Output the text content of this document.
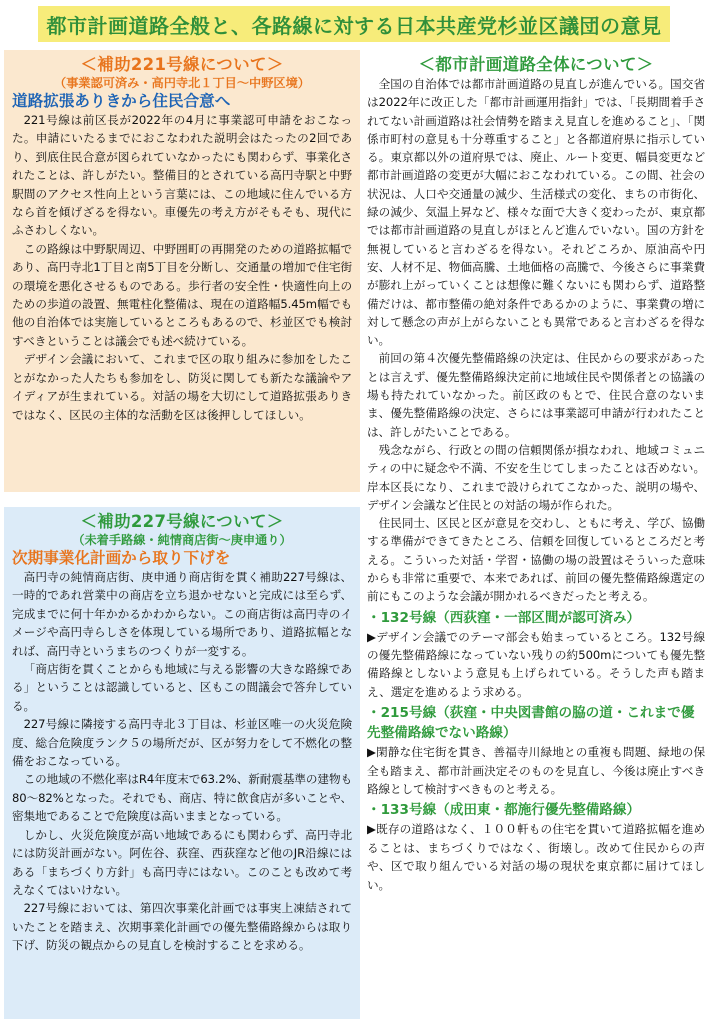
都市計画道路全般と、各路線に対する日本共産党杉並区議団の意見
＜補助221号線について＞
（事業認可済み・高円寺北１丁目〜中野区境）
道路拡張ありきから住民合意へ

221号線は前区長が2022年の4月に事業認可申請をおこなった。申請にいたるまでにおこなわれた説明会はたったの2回であり、到底住民合意が図られていなかったにも関わらず、事業化されたことは、許しがたい。整備目的とされている高円寺駅と中野駅間のアクセス性向上という言葉には、この地域に住んでいる方なら首を傾げざるを得ない。車優先の考え方がそもそも、現代にふさわしくない。

この路線は中野駅周辺、中野囲町の再開発のための道路拡幅であり、高円寺北1丁目と南5丁目を分断し、交通量の増加で住宅街の環境を悪化させるものである。歩行者の安全性・快適性向上のための歩道の設置、無電柱化整備は、現在の道路幅5.45m幅でも他の自治体では実施しているところもあるので、杉並区でも検討すべきということは議会でも述べ続けている。

デザイン会議において、これまで区の取り組みに参加をしたことがなかった人たちも参加をし、防災に関しても新たな議論やアイディアが生まれている。対話の場を大切にして道路拡張ありきではなく、区民の主体的な活動を区は後押ししてほしい。

＜補助227号線について＞
（未着手路線・純情商店街〜庚申通り）
次期事業化計画から取り下げを

高円寺の純情商店街、庚申通り商店街を貫く補助227号線は、一時的であれ営業中の商店を立ち退かせないと完成には至らず、完成までに何十年かかるかわからない。この商店街は高円寺のイメージや高円寺らしさを体現している場所であり、道路拡幅となれば、高円寺というまちのつくりが一変する。

「商店街を貫くことからも地域に与える影響の大きな路線である」ということは認識していると、区もこの間議会で答弁している。

227号線に隣接する高円寺北３丁目は、杉並区唯一の火災危険度、総合危険度ランク５の場所だが、区が努力をして不燃化の整備をおこなっている。

この地域の不燃化率はR4年度末で63.2%、新耐震基準の建物も80〜82%となった。それでも、商店、特に飲食店が多いことや、密集地であることで危険度は高いままとなっている。

しかし、火災危険度が高い地域であるにも関わらず、高円寺北には防災計画がない。阿佐谷、荻窪、西荻窪など他のJR沿線にはある「まちづくり方針」も高円寺にはない。このことも改めて考えなくてはいけない。

227号線においては、第四次事業化計画では事実上凍結されていたことを踏まえ、次期事業化計画での優先整備路線からは取り下げ、防災の観点からの見直しを検討することを求める。

＜都市計画道路全体について＞

全国の自治体では都市計画道路の見直しが進んでいる。国交省は2022年に改正した「都市計画運用指針」では、「長期間着手されてない計画道路は社会情勢を踏まえ見直しを進めること」、「関係市町村の意見も十分尊重すること」と各都道府県に指示している。東京都以外の道府県では、廃止、ルート変更、幅員変更など都市計画道路の変更が大幅におこなわれている。この間、社会の状況は、人口や交通量の減少、生活様式の変化、まちの市街化、緑の減少、気温上昇など、様々な面で大きく変わったが、東京都では都市計画道路の見直しがほとんど進んでいない。国の方針を無視していると言わざるを得ない。それどころか、原油高や円安、人材不足、物価高騰、土地価格の高騰で、今後さらに事業費が膨れ上がっていくことは想像に難くないにも関わらず、道路整備だけは、都市整備の絶対条件であるかのように、事業費の増に対して懸念の声が上がらないことも異常であると言わざるを得ない。

前回の第４次優先整備路線の決定は、住民からの要求があったとは言えず、優先整備路線決定前に地域住民や関係者との協議の場も持たれていなかった。前区政のもとで、住民合意のないまま、優先整備路線の決定、さらには事業認可申請が行われたことは、許しがたいことである。

残念ながら、行政との間の信頼関係が損なわれ、地域コミュニティの中に疑念や不満、不安を生じてしまったことは否めない。岸本区長になり、これまで設けられてこなかった、説明の場や、デザイン会議など住民との対話の場が作られた。

住民同士、区民と区が意見を交わし、ともに考え、学び、協働する準備ができてきたところ、信頼を回復しているところだと考える。こういった対話・学習・協働の場の設置はそういった意味からも非常に重要で、本来であれば、前回の優先整備路線選定の前にもこのような会議が開かれるべきだったと考える。

・132号線（西荻窪・一部区間が認可済み）

▶デザイン会議でのテーマ部会も始まっているところ。132号線の優先整備路線になっていない残りの約500mについても優先整備路線としないよう意見も上げられている。そうした声も踏まえ、選定を進めるよう求める。

・215号線（荻窪・中央図書館の脇の道・これまで優先整備路線でない路線）

▶閑静な住宅街を貫き、善福寺川緑地との重複も問題、緑地の保全も踏まえ、都市計画決定そのものを見直し、今後は廃止すべき路線として検討すべきものと考える。

・133号線（成田東・都施行優先整備路線）

▶既存の道路はなく、１００軒もの住宅を貫いて道路拡幅を進めることは、まちづくりではなく、街壊し。改めて住民からの声や、区で取り組んでいる対話の場の現状を東京都に届けてほしい。
